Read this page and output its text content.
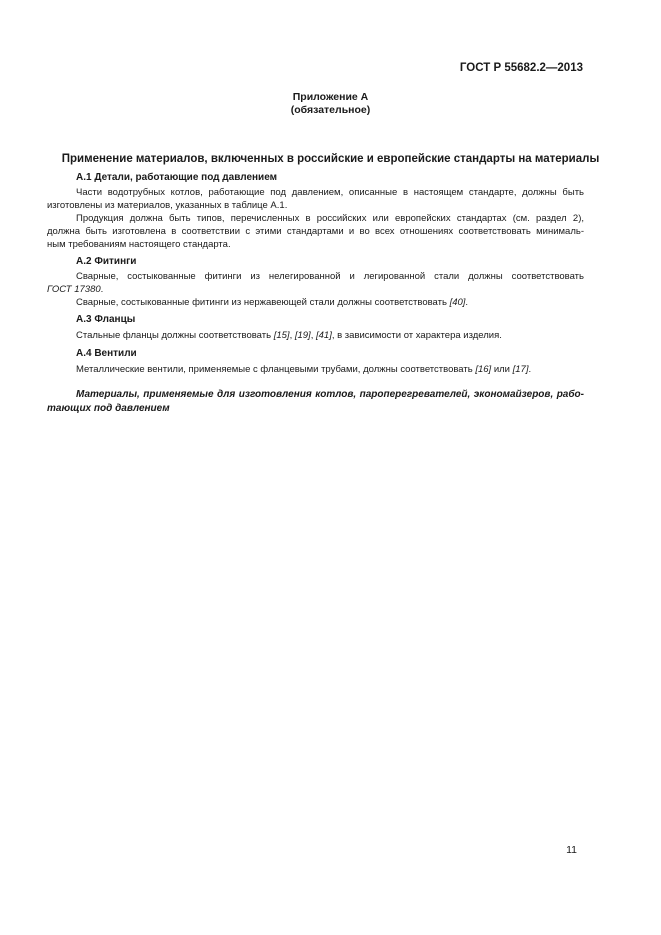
ГОСТ Р 55682.2—2013
Приложение А
(обязательное)
Применение материалов, включенных в российские и европейские стандарты на материалы
А.1 Детали, работающие под давлением
Части водотрубных котлов, работающие под давлением, описанные в настоящем стандарте, должны быть
изготовлены из материалов, указанных в таблице А.1.
Продукция должна быть типов, перечисленных в российских или европейских стандартах (см. раздел 2),
должна быть изготовлена в соответствии с этими стандартами и во всех отношениях соответствовать минималь-
ным требованиям настоящего стандарта.
А.2 Фитинги
Сварные, состыкованные фитинги из нелегированной и легированной стали должны соответствовать
ГОСТ 17380.
Сварные, состыкованные фитинги из нержавеющей стали должны соответствовать [40].
А.3 Фланцы
Стальные фланцы должны соответствовать [15], [19], [41], в зависимости от характера изделия.
А.4 Вентили
Металлические вентили, применяемые с фланцевыми трубами, должны соответствовать [16] или [17].
Материалы, применяемые для изготовления котлов, пароперегревателей, экономайзеров, рабо-
тающих под давлением
11
